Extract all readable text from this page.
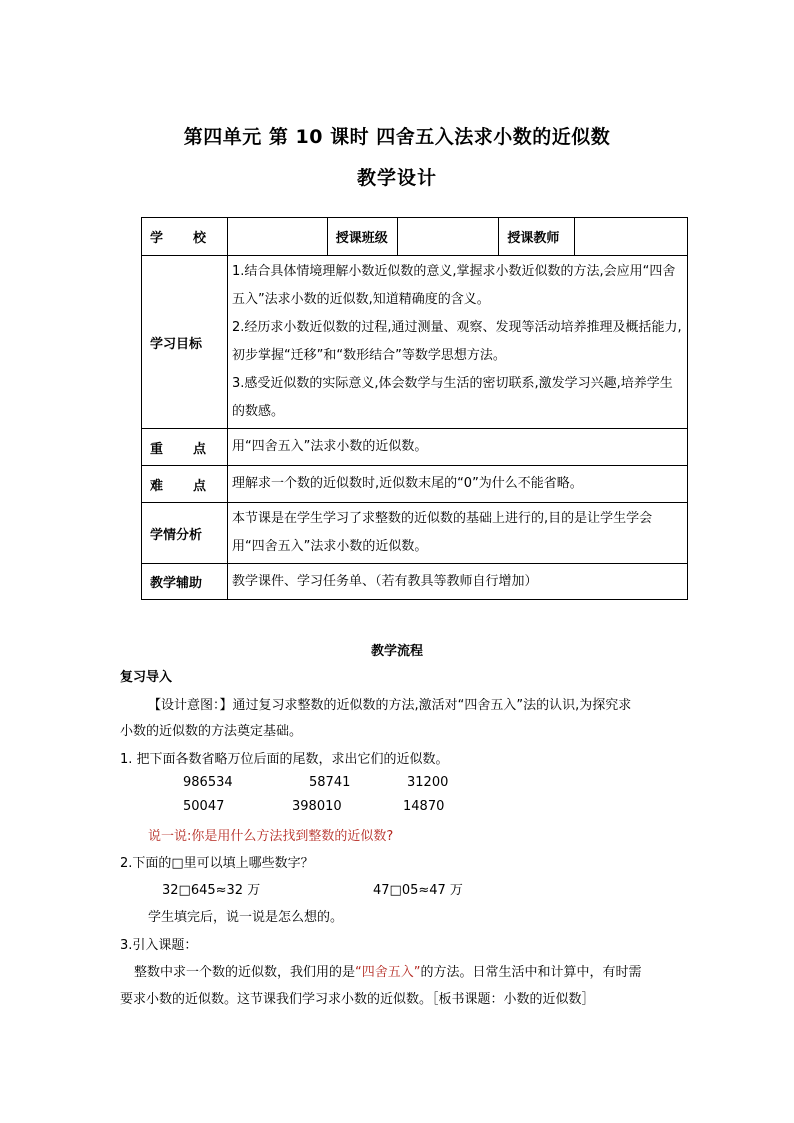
第四单元 第 10 课时 四舍五入法求小数的近似数
教学设计
学校		授课班级		授课教师	
学习目标	1.结合具体情境理解小数近似数的意义,掌握求小数近似数的方法,会应用“四舍五入”法求小数的近似数,知道精确度的含义。
2.经历求小数近似数的过程,通过测量、观察、发现等活动培养推理及概括能力,初步掌握“迁移”和“数形结合”等数学思想方法。
3.感受近似数的实际意义,体会数学与生活的密切联系,激发学习兴趣,培养学生的数感。				

重点	用“四舍五入”法求小数的近似数。				
难点	理解求一个数的近似数时,近似数末尾的“0”为什么不能省略。				
学情分析	本节课是在学生学习了求整数的近似数的基础上进行的,目的是让学生学会用“四舍五入”法求小数的近似数。				
教学辅助	教学课件、学习任务单、（若有教具等教师自行增加）				
教学流程
复习导入
【设计意图：】通过复习求整数的近似数的方法,激活对“四舍五入”法的认识,为探究求
小数的近似数的方法奠定基础。
1. 把下面各数省略万位后面的尾数，求出它们的近似数。
986534	58741	31200
50047	398010	14870
说一说:你是用什么方法找到整数的近似数?
2.下面的□里可以填上哪些数字？
32□645≈32 万	47□05≈47 万
学生填完后，说一说是怎么想的。
3.引入课题：
整数中求一个数的近似数，我们用的是“四舍五入”的方法。日常生活中和计算中，有时需
要求小数的近似数。这节课我们学习求小数的近似数。［板书课题：小数的近似数］
